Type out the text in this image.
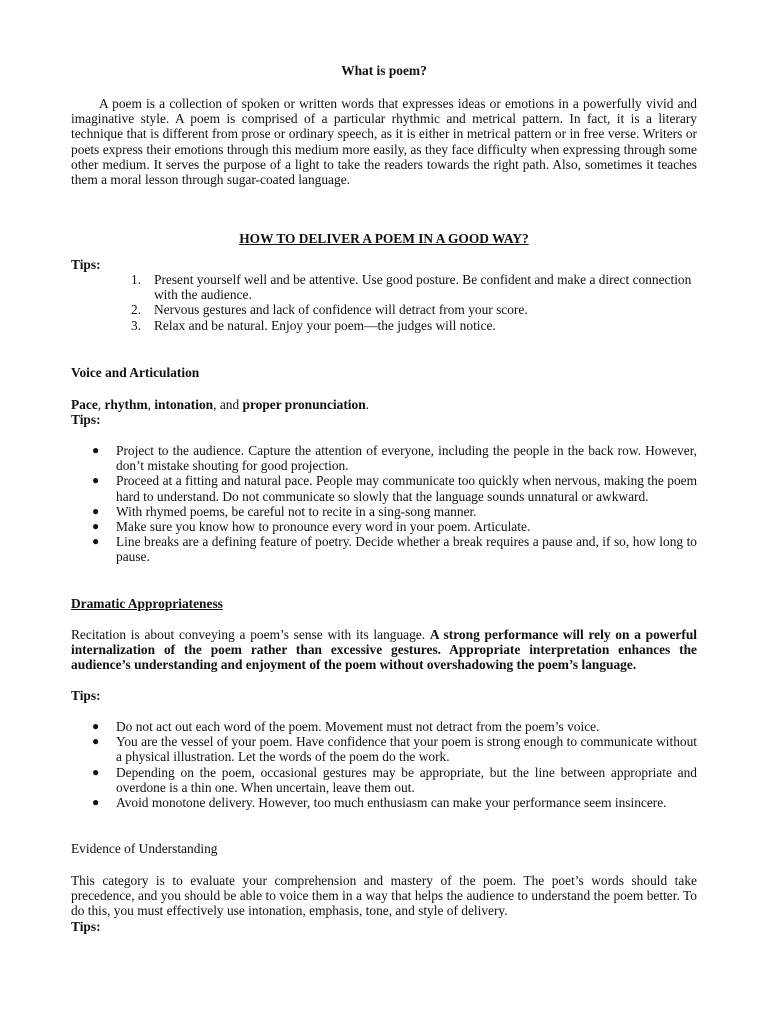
What is poem?

A poem is a collection of spoken or written words that expresses ideas or emotions in a powerfully vivid and imaginative style. A poem is comprised of a particular rhythmic and metrical pattern. In fact, it is a literary technique that is different from prose or ordinary speech, as it is either in metrical pattern or in free verse. Writers or poets express their emotions through this medium more easily, as they face difficulty when expressing through some other medium. It serves the purpose of a light to take the readers towards the right path. Also, sometimes it teaches them a moral lesson through sugar-coated language.

HOW TO DELIVER A POEM IN A GOOD WAY?

Tips:

1. Present yourself well and be attentive. Use good posture. Be confident and make a direct connection with the audience.
2. Nervous gestures and lack of confidence will detract from your score.
3. Relax and be natural. Enjoy your poem—the judges will notice.

Voice and Articulation

Pace, rhythm, intonation, and proper pronunciation.

Tips:

● Project to the audience. Capture the attention of everyone, including the people in the back row. However, don’t mistake shouting for good projection.
● Proceed at a fitting and natural pace. People may communicate too quickly when nervous, making the poem hard to understand. Do not communicate so slowly that the language sounds unnatural or awkward.
● With rhymed poems, be careful not to recite in a sing-song manner.
● Make sure you know how to pronounce every word in your poem. Articulate.
● Line breaks are a defining feature of poetry. Decide whether a break requires a pause and, if so, how long to pause.

Dramatic Appropriateness

Recitation is about conveying a poem’s sense with its language. A strong performance will rely on a powerful internalization of the poem rather than excessive gestures. Appropriate interpretation enhances the audience’s understanding and enjoyment of the poem without overshadowing the poem’s language.

Tips:

● Do not act out each word of the poem. Movement must not detract from the poem’s voice.
● You are the vessel of your poem. Have confidence that your poem is strong enough to communicate without a physical illustration. Let the words of the poem do the work.
● Depending on the poem, occasional gestures may be appropriate, but the line between appropriate and overdone is a thin one. When uncertain, leave them out.
● Avoid monotone delivery. However, too much enthusiasm can make your performance seem insincere.

Evidence of Understanding

This category is to evaluate your comprehension and mastery of the poem. The poet’s words should take precedence, and you should be able to voice them in a way that helps the audience to understand the poem better. To do this, you must effectively use intonation, emphasis, tone, and style of delivery.

Tips:
